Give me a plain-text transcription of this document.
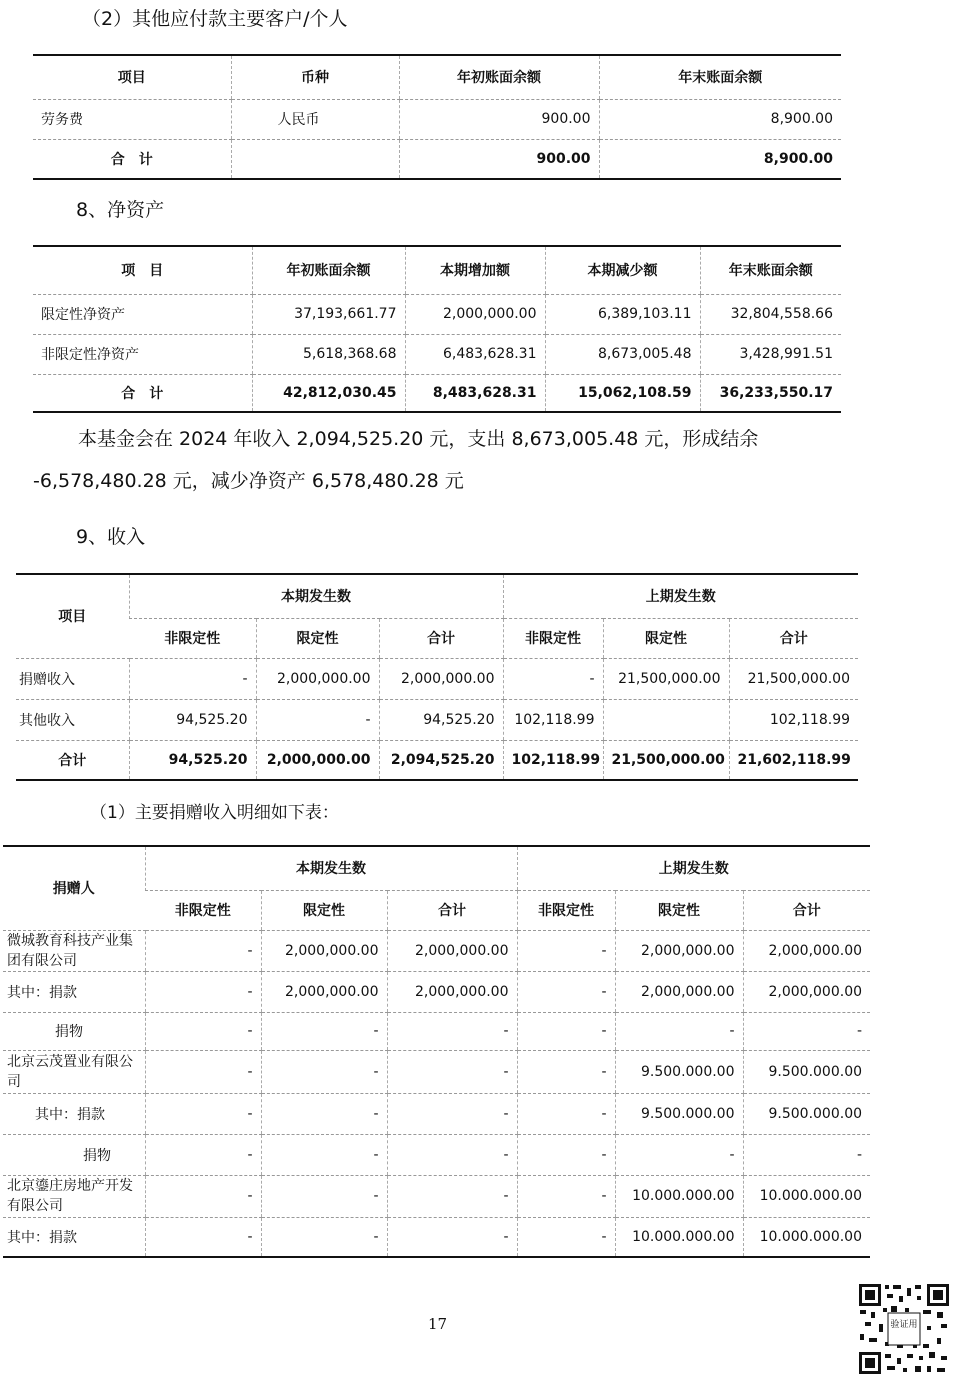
（2）其他应付款主要客户/个人
项目	币种	年初账面余额	年末账面余额
劳务费	人民币	900.00	8,900.00
合　计		900.00	8,900.00
8、净资产
项　目	年初账面余额	本期增加额	本期减少额	年末账面余额
限定性净资产	37,193,661.77	2,000,000.00	6,389,103.11	32,804,558.66
非限定性净资产	5,618,368.68	6,483,628.31	8,673,005.48	3,428,991.51
合　计	42,812,030.45	8,483,628.31	15,062,108.59	36,233,550.17
本基金会在 2024 年收入 2,094,525.20 元，支出 8,673,005.48 元，形成结余
-6,578,480.28 元，减少净资产 6,578,480.28 元
9、收入
项目	本期发生数			上期发生数		
	非限定性	限定性	合计	非限定性	限定性	合计
捐赠收入	-	2,000,000.00	2,000,000.00	-	21,500,000.00	21,500,000.00
其他收入	94,525.20	-	94,525.20	102,118.99		102,118.99
合计	94,525.20	2,000,000.00	2,094,525.20	102,118.99	21,500,000.00	21,602,118.99
（1）主要捐赠收入明细如下表：
捐赠人	本期发生数			上期发生数		
	非限定性	限定性	合计	非限定性	限定性	合计
微城教育科技产业集团有限公司	-	2,000,000.00	2,000,000.00	-	2,000,000.00	2,000,000.00
其中：捐款	-	2,000,000.00	2,000,000.00	-	2,000,000.00	2,000,000.00
捐物	-	-	-	-	-	-
北京云茂置业有限公司	-	-	-	-	9.500.000.00	9.500.000.00
其中：捐款	-	-	-	-	9.500.000.00	9.500.000.00
捐物	-	-	-	-	-	-
北京鎏庄房地产开发有限公司	-	-	-	-	10.000.000.00	10.000.000.00
其中：捐款	-	-	-	-	10.000.000.00	10.000.000.00
17	验证用
